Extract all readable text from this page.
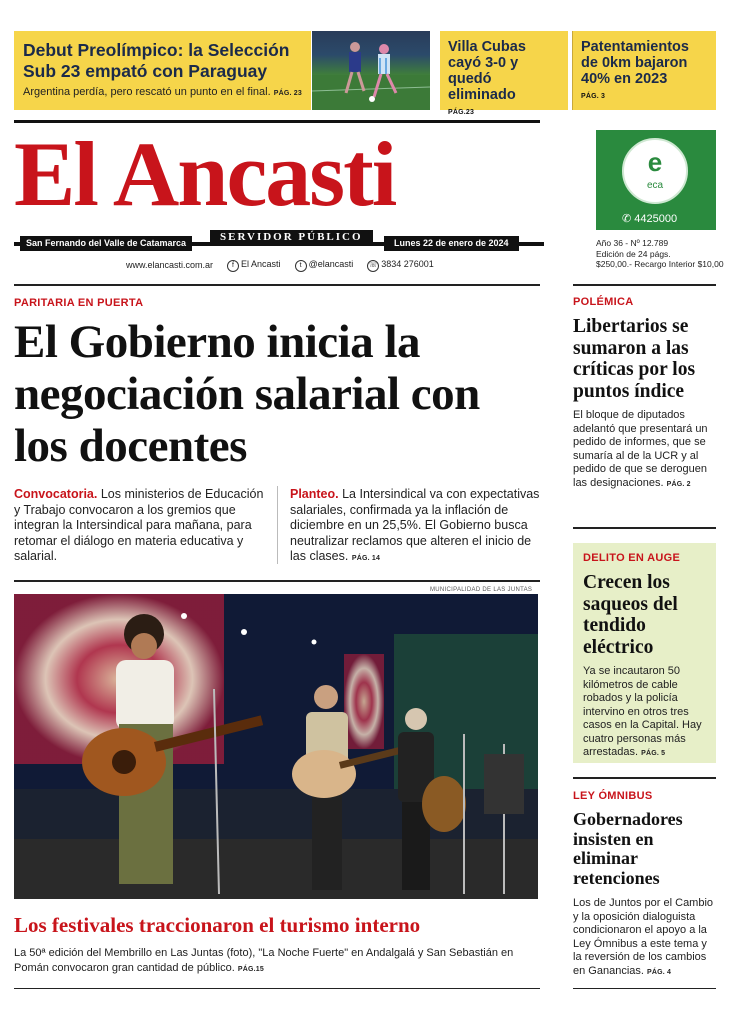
Debut Preolímpico: la Selección Sub 23 empató con Paraguay
Argentina perdía, pero rescató un punto en el final. PÁG. 23
Villa Cubas cayó 3-0 y quedó eliminado
PÁG.23
Patentamientos de 0km bajaron 40% en 2023
PÁG. 3
El Ancasti
San Fernando del Valle de Catamarca	SERVIDOR PÚBLICO	Lunes 22 de enero de 2024
www.elancasti.com.ar	f El Ancasti	t @elancasti ☏ 3834 276001
e
eca
✆ 4425000
Año 36 - Nº 12.789
Edición de 24 págs.
$250,00.- Recargo Interior $10,00
PARITARIA EN PUERTA
El Gobierno inicia la negociación salarial con los docentes
Convocatoria. Los ministerios de Educación y Trabajo convocaron a los gremios que integran la Intersindical para mañana, para retomar el diálogo en materia educativa y salarial.
Planteo. La Intersindical va con expectativas salariales, confirmada ya la inflación de diciembre en un 25,5%. El Gobierno busca neutralizar reclamos que alteren el inicio de las clases. PÁG. 14
MUNICIPALIDAD DE LAS JUNTAS
Los festivales traccionaron el turismo interno
La 50ª edición del Membrillo en Las Juntas (foto), "La Noche Fuerte" en Andalgalá y San Sebastián en Pomán convocaron gran cantidad de público. PÁG.15
POLÉMICA
Libertarios se sumaron a las críticas por los puntos índice
El bloque de diputados adelantó que presentará un pedido de informes, que se sumaría al de la UCR y al pedido de que se deroguen las designaciones. PÁG. 2
DELITO EN AUGE
Crecen los saqueos del tendido eléctrico
Ya se incautaron 50 kilómetros de cable robados y la policía intervino en otros tres casos en la Capital. Hay cuatro personas más arrestadas. PÁG. 5
LEY ÓMNIBUS
Gobernadores insisten en eliminar retenciones
Los de Juntos por el Cambio y la oposición dialoguista condicionaron el apoyo a la Ley Ómnibus a este tema y la reversión de los cambios en Ganancias. PÁG. 4
